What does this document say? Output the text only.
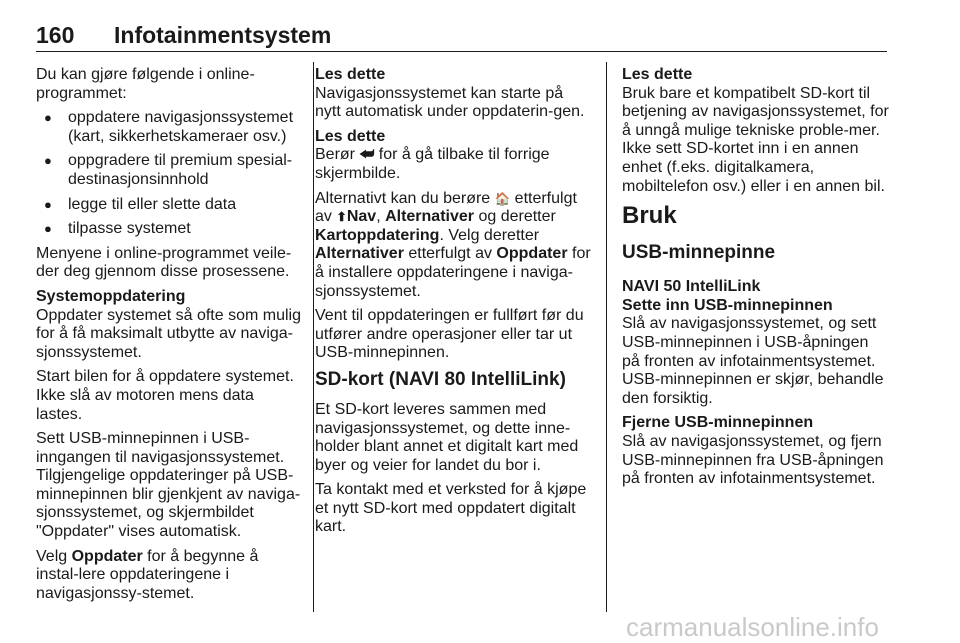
160 Infotainmentsystem

Du kan gjøre følgende i online-programmet:

● oppdatere navigasjonssystemet (kart, sikkerhetskameraer osv.)
● oppgradere til premium spesial-destinasjonsinnhold
● legge til eller slette data
● tilpasse systemet

Menyene i online-programmet veile-der deg gjennom disse prosessene.

Systemoppdatering

Oppdater systemet så ofte som mulig for å få maksimalt utbytte av naviga-sjonssystemet.

Start bilen for å oppdatere systemet. Ikke slå av motoren mens data lastes.

Sett USB-minnepinnen i USB-inngangen til navigasjonssystemet. Tilgjengelige oppdateringer på USB-minnepinnen blir gjenkjent av naviga-sjonssystemet, og skjermbildet "Oppdater" vises automatisk.

Velg Oppdater for å begynne å instal-lere oppdateringene i navigasjonssy-stemet.

Les dette

Navigasjonssystemet kan starte på nytt automatisk under oppdaterin-gen.

Les dette

Berør ⮨ for å gå tilbake til forrige skjermbilde.

Alternativt kan du berøre 🏠 etterfulgt av ⬆Nav, Alternativer og deretter Kartoppdatering. Velg deretter Alternativer etterfulgt av Oppdater for å installere oppdateringene i naviga-sjonssystemet.

Vent til oppdateringen er fullført før du utfører andre operasjoner eller tar ut USB-minnepinnen.

SD-kort (NAVI 80 IntelliLink)

Et SD-kort leveres sammen med navigasjonssystemet, og dette inne-holder blant annet et digitalt kart med byer og veier for landet du bor i.

Ta kontakt med et verksted for å kjøpe et nytt SD-kort med oppdatert digitalt kart.

Les dette

Bruk bare et kompatibelt SD-kort til betjening av navigasjonssystemet, for å unngå mulige tekniske proble-mer. Ikke sett SD-kortet inn i en annen enhet (f.eks. digitalkamera, mobiltelefon osv.) eller i en annen bil.

Bruk
USB-minnepinne
NAVI 50 IntelliLink
Sette inn USB-minnepinnen

Slå av navigasjonssystemet, og sett USB-minnepinnen i USB-åpningen på fronten av infotainmentsystemet. USB-minnepinnen er skjør, behandle den forsiktig.

Fjerne USB-minnepinnen

Slå av navigasjonssystemet, og fjern USB-minnepinnen fra USB-åpningen på fronten av infotainmentsystemet.

carmanualsonline.info
